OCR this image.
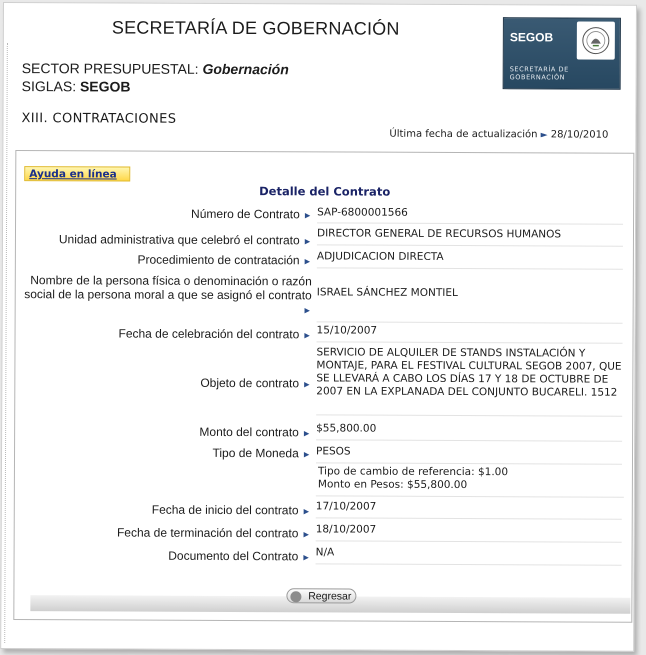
SECRETARÍA DE GOBERNACIÓN	SEGOB
SECRETARÍA DE GOBERNACIÓN
SECTOR PRESUPUESTAL: Gobernación
SIGLAS: SEGOB
XIII. CONTRATACIONES
Última fecha de actualización ► 28/10/2010
Ayuda en línea
Detalle del Contrato
Número de Contrato ► SAP-6800001566
Unidad administrativa que celebró el contrato ►
DIRECTOR GENERAL DE RECURSOS HUMANOS
Procedimiento de contratación ► ADJUDICACION DIRECTA
Nombre de la persona física o denominación o razón social de la persona moral a que se asignó el contrato ►
ISRAEL SÁNCHEZ MONTIEL
Fecha de celebración del contrato ► 15/10/2007
Objeto de contrato ►
SERVICIO DE ALQUILER DE STANDS INSTALACIÓN Y MONTAJE, PARA EL FESTIVAL CULTURAL SEGOB 2007, QUE SE LLEVARÁ A CABO LOS DÍAS 17 Y 18 DE OCTUBRE DE 2007 EN LA EXPLANADA DEL CONJUNTO BUCARELI. 1512
Monto del contrato ► $55,800.00
Tipo de Moneda ► PESOS
Tipo de cambio de referencia: $1.00
Monto en Pesos: $55,800.00
Fecha de inicio del contrato ► 17/10/2007
Fecha de terminación del contrato ► 18/10/2007
Documento del Contrato ► N/A
Regresar
